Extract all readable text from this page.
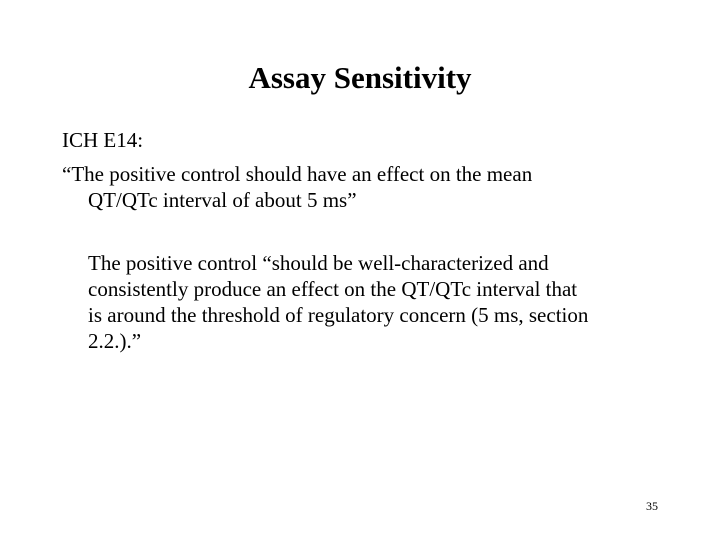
Assay Sensitivity
ICH E14:
“The positive control should have an effect on the mean
QT/QTc interval of about 5 ms”
The positive control “should be well-characterized and
consistently produce an effect on the QT/QTc interval that
is around the threshold of regulatory concern (5 ms, section
2.2.).”
35
